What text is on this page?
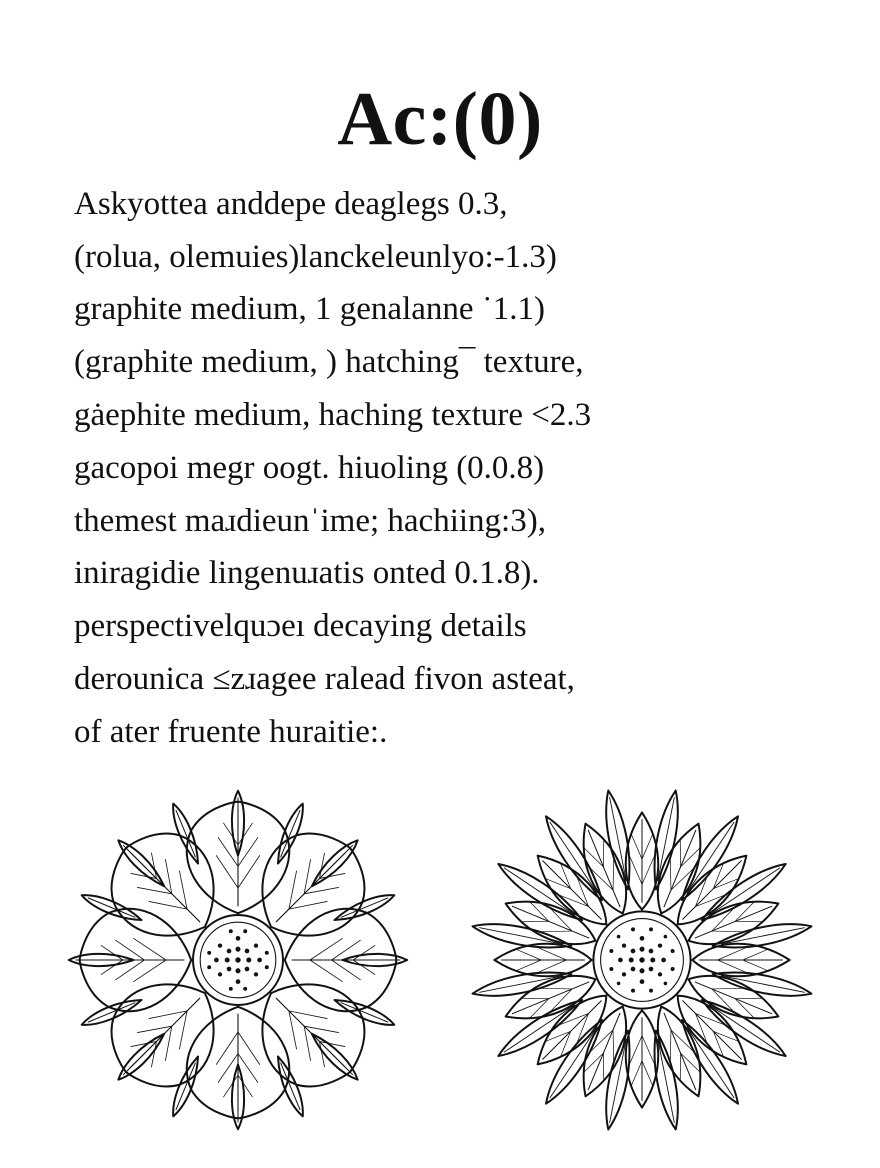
Ac:(0)
Askyottea anddepe deaglegs 0.3,
(rolua, olemuies)lanckeleunlyo:-1.3)
graphite medium, 1 genalanne ˙1.1)
(graphite medium, ) hatching¯ texture,
gȧephite medium, haching texture <2.3
gacopoi megr oogt. hiuoling (0.0.8)
themest maɹdieunˈime; hachiing:3),
iniragidie lingenuɹatis onted 0.1.8).
perspectivelquɔeı decaying details
derounica ≤zɹagee ralead fivon asteat,
of ater fruente huraitie:.
